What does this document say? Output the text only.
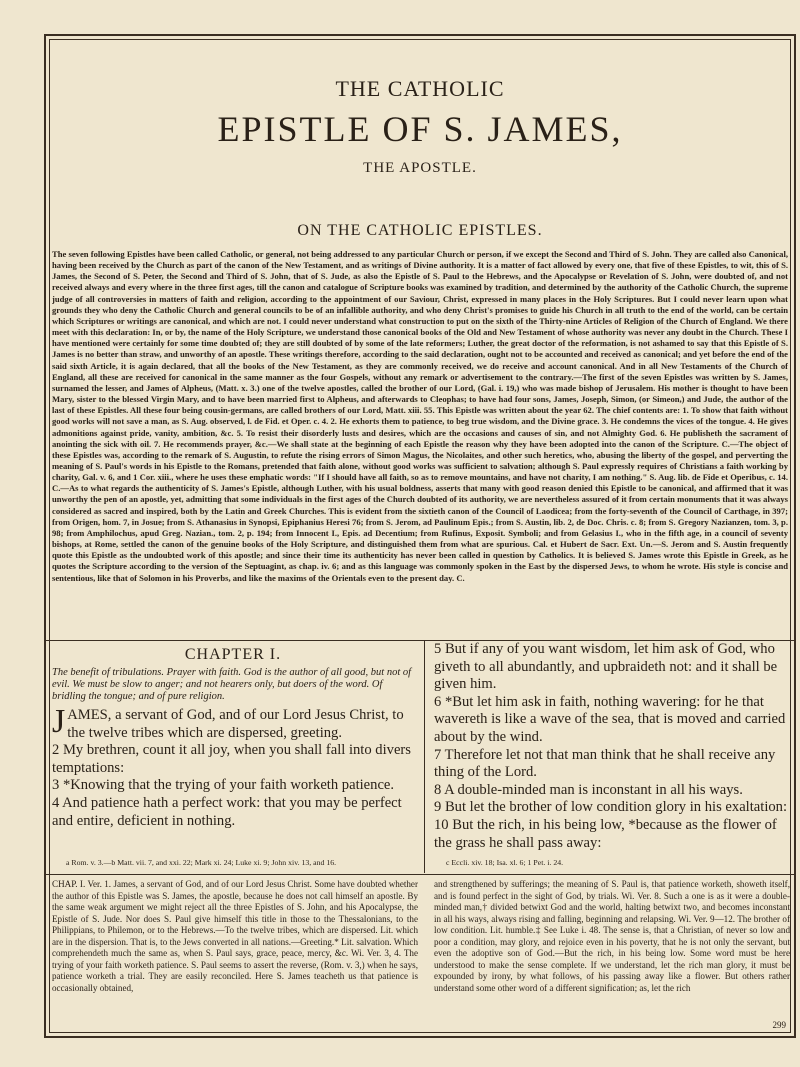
THE CATHOLIC
EPISTLE OF S. JAMES,
THE APOSTLE.
ON THE CATHOLIC EPISTLES.
The seven following Epistles have been called Catholic, or general, not being addressed to any particular Church or person, if we except the Second and Third of S. John. They are called also Canonical, having been received by the Church as part of the canon of the New Testament, and as writings of Divine authority. It is a matter of fact allowed by every one, that five of these Epistles, to wit, this of S. James, the Second of S. Peter, the Second and Third of S. John, that of S. Jude, as also the Epistle of S. Paul to the Hebrews, and the Apocalypse or Revelation of S. John, were doubted of, and not received always and every where in the three first ages, till the canon and catalogue of Scripture books was examined by tradition, and determined by the authority of the Catholic Church, the supreme judge of all controversies in matters of faith and religion, according to the appointment of our Saviour, Christ, expressed in many places in the Holy Scriptures. But I could never learn upon what grounds they who deny the Catholic Church and general councils to be of an infallible authority, and who deny Christ's promises to guide his Church in all truth to the end of the world, can be certain which Scriptures or writings are canonical, and which are not. I could never understand what construction to put on the sixth of the Thirty-nine Articles of Religion of the Church of England. We there meet with this declaration: In, or by, the name of the Holy Scripture, we understand those canonical books of the Old and New Testament of whose authority was never any doubt in the Church. These I have mentioned were certainly for some time doubted of; they are still doubted of by some of the late reformers; Luther, the great doctor of the reformation, is not ashamed to say that this Epistle of S. James is no better than straw, and unworthy of an apostle. These writings therefore, according to the said declaration, ought not to be accounted and received as canonical; and yet before the end of the said sixth Article, it is again declared, that all the books of the New Testament, as they are commonly received, we do receive and account canonical. And in all New Testaments of the Church of England, all these are received for canonical in the same manner as the four Gospels, without any remark or advertisement to the contrary.—The first of the seven Epistles was written by S. James, surnamed the lesser, and James of Alpheus, (Matt. x. 3.) one of the twelve apostles, called the brother of our Lord, (Gal. i. 19,) who was made bishop of Jerusalem. His mother is thought to have been Mary, sister to the blessed Virgin Mary, and to have been married first to Alpheus, and afterwards to Cleophas; to have had four sons, James, Joseph, Simon, (or Simeon,) and Jude, the author of the last of these Epistles. All these four being cousin-germans, are called brothers of our Lord, Matt. xiii. 55. This Epistle was written about the year 62. The chief contents are: 1. To show that faith without good works will not save a man, as S. Aug. observed, l. de Fid. et Oper. c. 4. 2. He exhorts them to patience, to beg true wisdom, and the Divine grace. 3. He condemns the vices of the tongue. 4. He gives admonitions against pride, vanity, ambition, &c. 5. To resist their disorderly lusts and desires, which are the occasions and causes of sin, and not Almighty God. 6. He publisheth the sacrament of anointing the sick with oil. 7. He recommends prayer, &c.—We shall state at the beginning of each Epistle the reason why they have been adopted into the canon of the Scripture. C.—The object of these Epistles was, according to the remark of S. Augustin, to refute the rising errors of Simon Magus, the Nicolaites, and other such heretics, who, abusing the liberty of the gospel, and perverting the meaning of S. Paul's words in his Epistle to the Romans, pretended that faith alone, without good works was sufficient to salvation; although S. Paul expressly requires of Christians a faith working by charity, Gal. v. 6, and 1 Cor. xiii., where he uses these emphatic words: "If I should have all faith, so as to remove mountains, and have not charity, I am nothing." S. Aug. lib. de Fide et Operibus, c. 14. C.—As to what regards the authenticity of S. James's Epistle, although Luther, with his usual boldness, asserts that many with good reason denied this Epistle to be canonical, and affirmed that it was unworthy the pen of an apostle, yet, admitting that some individuals in the first ages of the Church doubted of its authority, we are nevertheless assured of it from certain monuments that it was always considered as sacred and inspired, both by the Latin and Greek Churches. This is evident from the sixtieth canon of the Council of Laodicea; from the forty-seventh of the Council of Carthage, in 397; from Origen, hom. 7, in Josue; from S. Athanasius in Synopsi, Epiphanius Heresi 76; from S. Jerom, ad Paulinum Epis.; from S. Austin, lib. 2, de Doc. Chris. c. 8; from S. Gregory Nazianzen, tom. 3, p. 98; from Amphilochus, apud Greg. Nazian., tom. 2, p. 194; from Innocent I., Epis. ad Decentium; from Rufinus, Exposit. Symboli; and from Gelasius I., who in the fifth age, in a council of seventy bishops, at Rome, settled the canon of the genuine books of the Holy Scripture, and distinguished them from what are spurious. Cal. et Hubert de Sacr. Ext. Un.—S. Jerom and S. Austin frequently quote this Epistle as the undoubted work of this apostle; and since their time its authenticity has never been called in question by Catholics. It is believed S. James wrote this Epistle in Greek, as he quotes the Scripture according to the version of the Septuagint, as chap. iv. 6; and as this language was commonly spoken in the East by the dispersed Jews, to whom he wrote. His style is concise and sententious, like that of Solomon in his Proverbs, and like the maxims of the Orientals even to the present day. C.
CHAPTER I.
The benefit of tribulations. Prayer with faith. God is the author of all good, but not of evil. We must be slow to anger; and not hearers only, but doers of the word. Of bridling the tongue; and of pure religion.

JAMES, a servant of God, and of our Lord Jesus Christ, to the twelve tribes which are dispersed, greeting.

2 My brethren, count it all joy, when you shall fall into divers temptations:

3 *Knowing that the trying of your faith worketh patience.

4 And patience hath a perfect work: that you may be perfect and entire, deficient in nothing.

5 But if any of you want wisdom, let him ask of God, who giveth to all abundantly, and upbraideth not: and it shall be given him.

6 *But let him ask in faith, nothing wavering: for he that wavereth is like a wave of the sea, that is moved and carried about by the wind.

7 Therefore let not that man think that he shall receive any thing of the Lord.

8 A double-minded man is inconstant in all his ways.

9 But let the brother of low condition glory in his exaltation:

10 But the rich, in his being low, *because as the flower of the grass he shall pass away:

a Rom. v. 3.—b Matt. vii. 7, and xxi. 22; Mark xi. 24; Luke xi. 9; John xiv. 13, and 16.	c Eccli. xiv. 18; Isa. xl. 6; 1 Pet. i. 24.
CHAP. I. Ver. 1. James, a servant of God, and of our Lord Jesus Christ. Some have doubted whether the author of this Epistle was S. James, the apostle, because he does not call himself an apostle. By the same weak argument we might reject all the three Epistles of S. John, and his Apocalypse, the Epistle of S. Jude. Nor does S. Paul give himself this title in those to the Thessalonians, to the Philippians, to Philemon, or to the Hebrews.—To the twelve tribes, which are dispersed. Lit. which are in the dispersion. That is, to the Jews converted in all nations.—Greeting.* Lit. salvation. Which comprehendeth much the same as, when S. Paul says, grace, peace, mercy, &c. Wi. Ver. 3, 4. The trying of your faith worketh patience. S. Paul seems to assert the reverse, (Rom. v. 3,) when he says, patience worketh a trial. They are easily reconciled. Here S. James teacheth us that patience is occasionally obtained,
and strengthened by sufferings; the meaning of S. Paul is, that patience worketh, showeth itself, and is found perfect in the sight of God, by trials. Wi. Ver. 8. Such a one is as it were a double-minded man,† divided betwixt God and the world, halting betwixt two, and becomes inconstant in all his ways, always rising and falling, beginning and relapsing. Wi. Ver. 9—12. The brother of low condition. Lit. humble.‡ See Luke i. 48. The sense is, that a Christian, of never so low and poor a condition, may glory, and rejoice even in his poverty, that he is not only the servant, but even the adoptive son of God.—But the rich, in his being low. Some word must be here understood to make the sense complete. If we understand, let the rich man glory, it must be expounded by irony, by what follows, of his passing away like a flower. But others rather understand some other word of a different signification; as, let the rich
299
